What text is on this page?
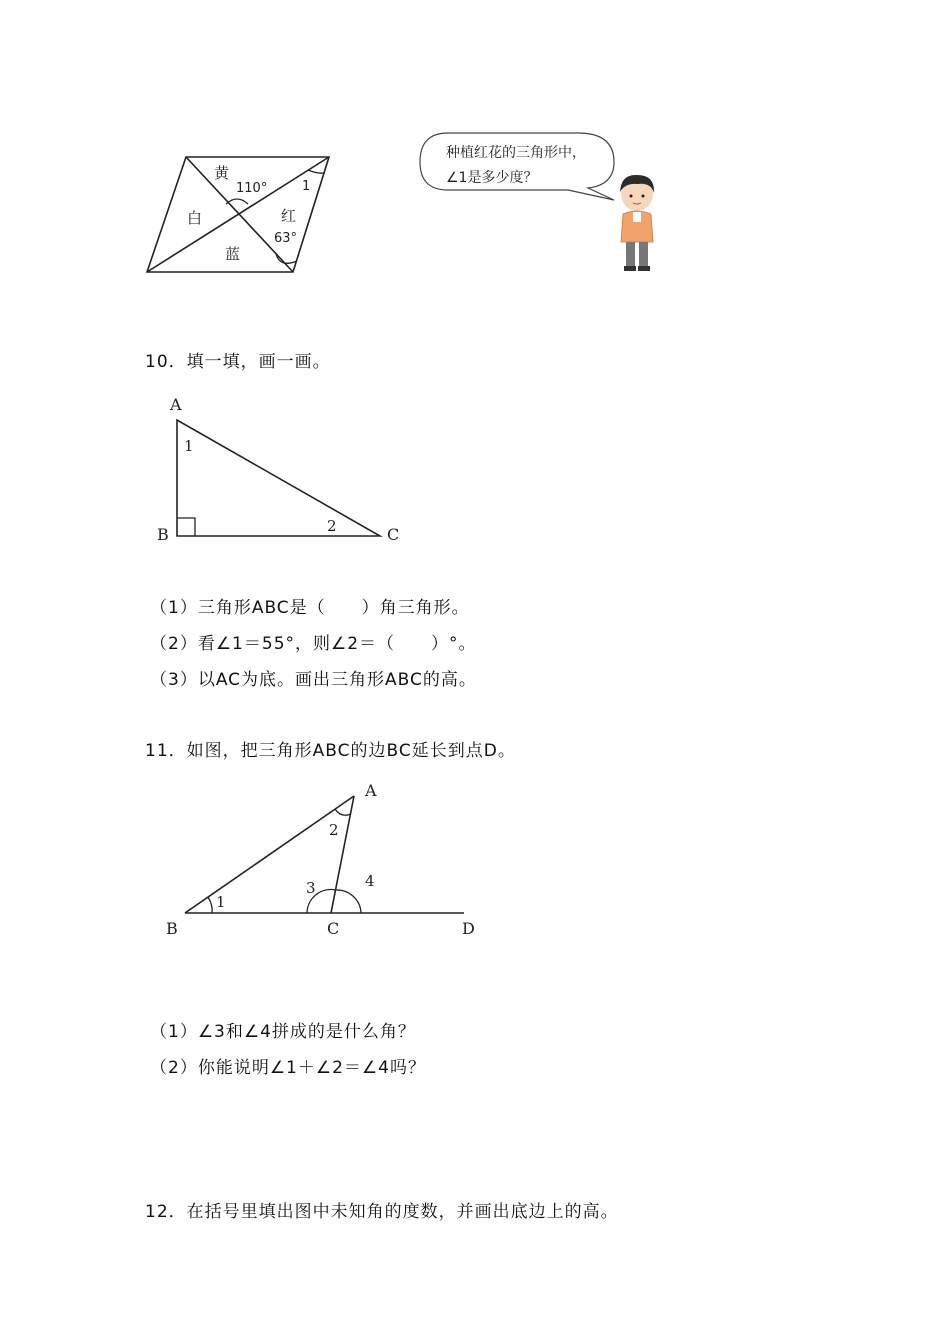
黄
110°	1
白	红
63°
蓝
种植红花的三角形中，
∠1是多少度？
10．填一填，画一画。
A
1
B	2	C
（1）三角形ABC是（　　）角三角形。
（2）看∠1＝55°，则∠2＝（　　）°。
（3）以AC为底。画出三角形ABC的高。
11．如图，把三角形ABC的边BC延长到点D。
A
2
4
3
1
B	C	D
（1）∠3和∠4拼成的是什么角？
（2）你能说明∠1＋∠2＝∠4吗？
12．在括号里填出图中未知角的度数，并画出底边上的高。
